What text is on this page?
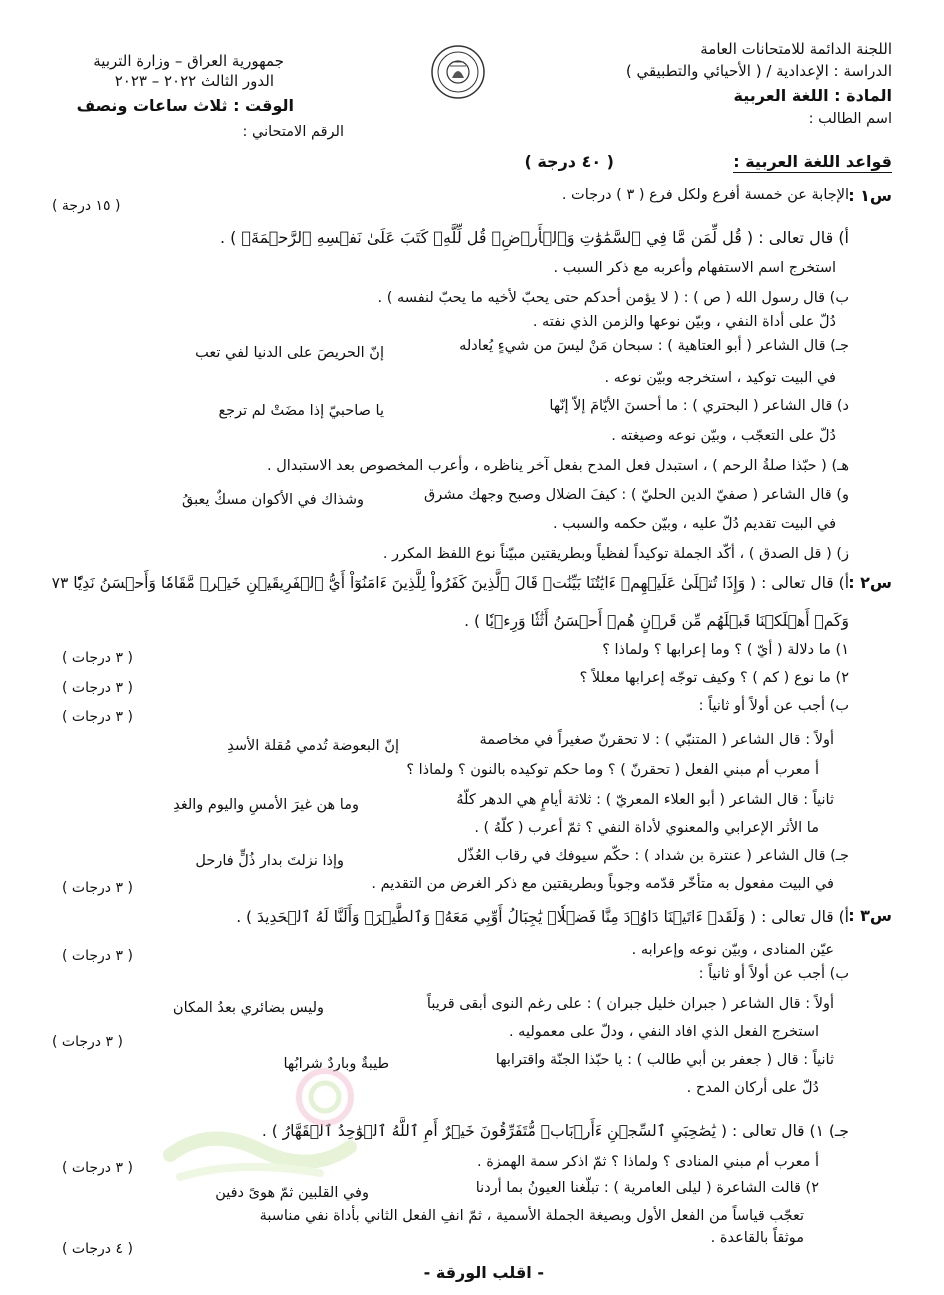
جمهورية العراق – وزارة التربية
الدور الثالث ٢٠٢٢ – ٢٠٢٣
الوقت : ثلاث ساعات ونصف
الرقم الامتحاني :
اللجنة الدائمة للامتحانات العامة
الدراسة : الإعدادية / ( الأحيائي والتطبيقي )
المادة : اللغة العربية
اسم الطالب :
قواعد اللغة العربية :
( ٤٠ درجة )
س١ :
الإجابة عن خمسة أفرع ولكل فرع ( ٣ ) درجات .
( ١٥ درجة )
أ) قال تعالى : ( قُل لِّمَن مَّا فِي ٱلسَّمَٰوَٰتِ وَٱلۡأَرۡضِۖ قُل لِّلَّهِۚ كَتَبَ عَلَىٰ نَفۡسِهِ ٱلرَّحۡمَةَۚ ) .
استخرج اسم الاستفهام وأعربه مع ذكر السبب .
ب) قال رسول الله ( ص ) : ( لا يؤمن أحدكم حتى يحبّ لأخيه ما يحبّ لنفسه ) .
دُلّ على أداة النفي ، وبيّن نوعها والزمن الذي نفته .
جـ) قال الشاعر ( أبو العتاهية ) : سبحان مَنْ ليسَ من شيءٍ يُعادله
إنّ الحريصَ على الدنيا لفي تعب
في البيت توكيد ، استخرجه وبيّن نوعه .
د) قال الشاعر ( البحتري ) : ما أحسنَ الأيّامَ إلاّ إنّها
يا صاحبيّ إذا مضَتْ لم ترجع
دُلّ على التعجّب ، وبيّن نوعه وصيغته .
هـ) ( حبّذا صلةُ الرحم ) ، استبدل فعل المدح بفعل آخر يناظره ، وأعرب المخصوص بعد الاستبدال .
و) قال الشاعر ( صفيّ الدين الحليّ ) : كيفَ الضلال وصبح وجهك مشرق
وشذاك في الأكوان مسكٌ يعبقُ
في البيت تقديم دُلّ عليه ، وبيّن حكمه والسبب .
ز) ( قل الصدق ) ، أكّد الجملة توكيداً لفظياً وبطريقتين مبيّناً نوع اللفظ المكرر .
س٢ :
أ) قال تعالى : ( وَإِذَا تُتۡلَىٰ عَلَيۡهِمۡ ءَايَٰتُنَا بَيِّنَٰتٖ قَالَ ٱلَّذِينَ كَفَرُواْ لِلَّذِينَ ءَامَنُوٓاْ أَيُّ ٱلۡفَرِيقَيۡنِ خَيۡرٞ مَّقَامٗا وَأَحۡسَنُ نَدِيّٗا ٧٣
وَكَمۡ أَهۡلَكۡنَا قَبۡلَهُم مِّن قَرۡنٍ هُمۡ أَحۡسَنُ أَثَٰثٗا وَرِءۡيٗا ) .
١) ما دلالة ( أيّ ) ؟ وما إعرابها ؟ ولماذا ؟
( ٣ درجات )
٢) ما نوع ( كم ) ؟ وكيف توجّه إعرابها معللاً ؟
( ٣ درجات )
ب) أجب عن أولاً أو ثانياً :
( ٣ درجات )
أولاً : قال الشاعر ( المتنبّي ) : لا تحقرنّ صغيراً في مخاصمة
إنّ البعوضة تُدمي مُقلة الأسدِ
أ معرب أم مبني الفعل ( تحقرنّ ) ؟ وما حكم توكيده بالنون ؟ ولماذا ؟
ثانياً : قال الشاعر ( أبو العلاء المعريّ ) : ثلاثة أيامٍ هي الدهر كلّهُ
وما هن غيرَ الأمسِ واليوم والغدِ
ما الأثر الإعرابي والمعنوي لأداة النفي ؟ ثمّ أعرب ( كلّهُ ) .
جـ) قال الشاعر ( عنترة بن شداد ) : حكّم سيوفك في رقاب العُذّل
وإذا نزلتَ بدار ذُلٍّ فارحل
في البيت مفعول به متأخّر قدّمه وجوباً وبطريقتين مع ذكر الغرض من التقديم .
( ٣ درجات )
س٣ :
أ) قال تعالى : ( وَلَقَدۡ ءَاتَيۡنَا دَاوُۥدَ مِنَّا فَضۡلٗاۖ يَٰجِبَالُ أَوِّبِي مَعَهُۥ وَٱلطَّيۡرَۖ وَأَلَنَّا لَهُ ٱلۡحَدِيدَ ) .
عيّن المنادى ، وبيّن نوعه وإعرابه .
( ٣ درجات )
ب) أجب عن أولاً أو ثانياً :
أولاً : قال الشاعر ( جبران خليل جبران ) : على رغم النوى أبقى قريباً
وليس بضائري بعدُ المكان
استخرج الفعل الذي افاد النفي ، ودلّ على معموليه .
( ٣ درجات )
ثانياً : قال ( جعفر بن أبي طالب ) : يا حبّذا الجنّة واقترابها
طيبةٌ وباردٌ شرابُها
دُلّ على أركان المدح .
جـ) ١) قال تعالى : ( يَٰصَٰحِبَيِ ٱلسِّجۡنِ ءَأَرۡبَابٞ مُّتَفَرِّقُونَ خَيۡرٌ أَمِ ٱللَّهُ ٱلۡوَٰحِدُ ٱلۡقَهَّارُ ) .
أ معرب أم مبني المنادى ؟ ولماذا ؟ ثمّ اذكر سمة الهمزة .
( ٣ درجات )
٢) قالت الشاعرة ( ليلى العامرية ) : تبلّغنا العيونُ بما أردنا
وفي القلبين ثمّ هوىً دفين
تعجّب قياساً من الفعل الأول وبصيغة الجملة الأسمية ، ثمّ انفِ الفعل الثاني بأداة نفي مناسبة
موثقاً بالقاعدة .
( ٤ درجات )
- اقلب الورقة -
